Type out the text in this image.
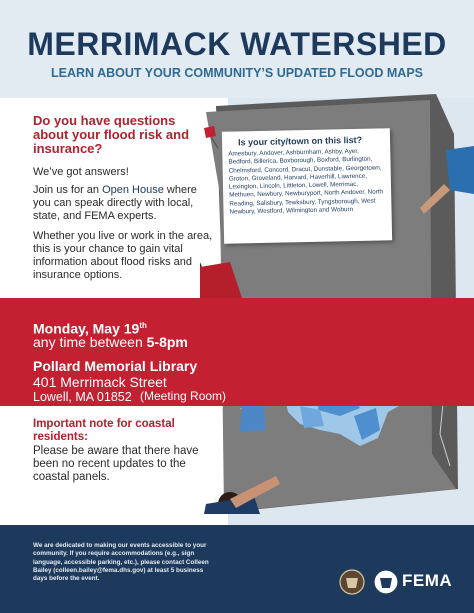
MERRIMACK WATERSHED
LEARN ABOUT YOUR COMMUNITY’S UPDATED FLOOD MAPS
Is your city/town on this list?
Amesbury, Andover, Ashburnham, Ashby, Ayer, Bedford, Billerica, Boxborough, Boxford, Burlington, Chelmsford, Concord, Dracut, Dunstable, Georgetown, Groton, Groveland, Harvard, Haverhill, Lawrence, Lexington, Lincoln, Littleton, Lowell, Merrimac, Methuen, Newbury, Newburyport, North Andover, North Reading, Salisbury, Tewksbury, Tyngsborough, West Newbury, Westford, Wilmington and Woburn
Do you have questions about your flood risk and insurance?
We’ve got answers!
Join us for an Open House where you can speak directly with local, state, and FEMA experts.
Whether you live or work in the area, this is your chance to gain vital information about flood risks and insurance options.
Monday, May 19th
any time between 5-8pm
Pollard Memorial Library
401 Merrimack Street
Lowell, MA 01852
Important note for coastal residents:
Please be aware that there have been no recent updates to the coastal panels.
We are dedicated to making our events accessible to your community. If you require accommodations (e.g., sign language, accessible parking, etc.), please contact Colleen Bailey (colleen.bailey@fema.dhs.gov) at least 5 business days before the event.	FEMA
(Meeting Room)
